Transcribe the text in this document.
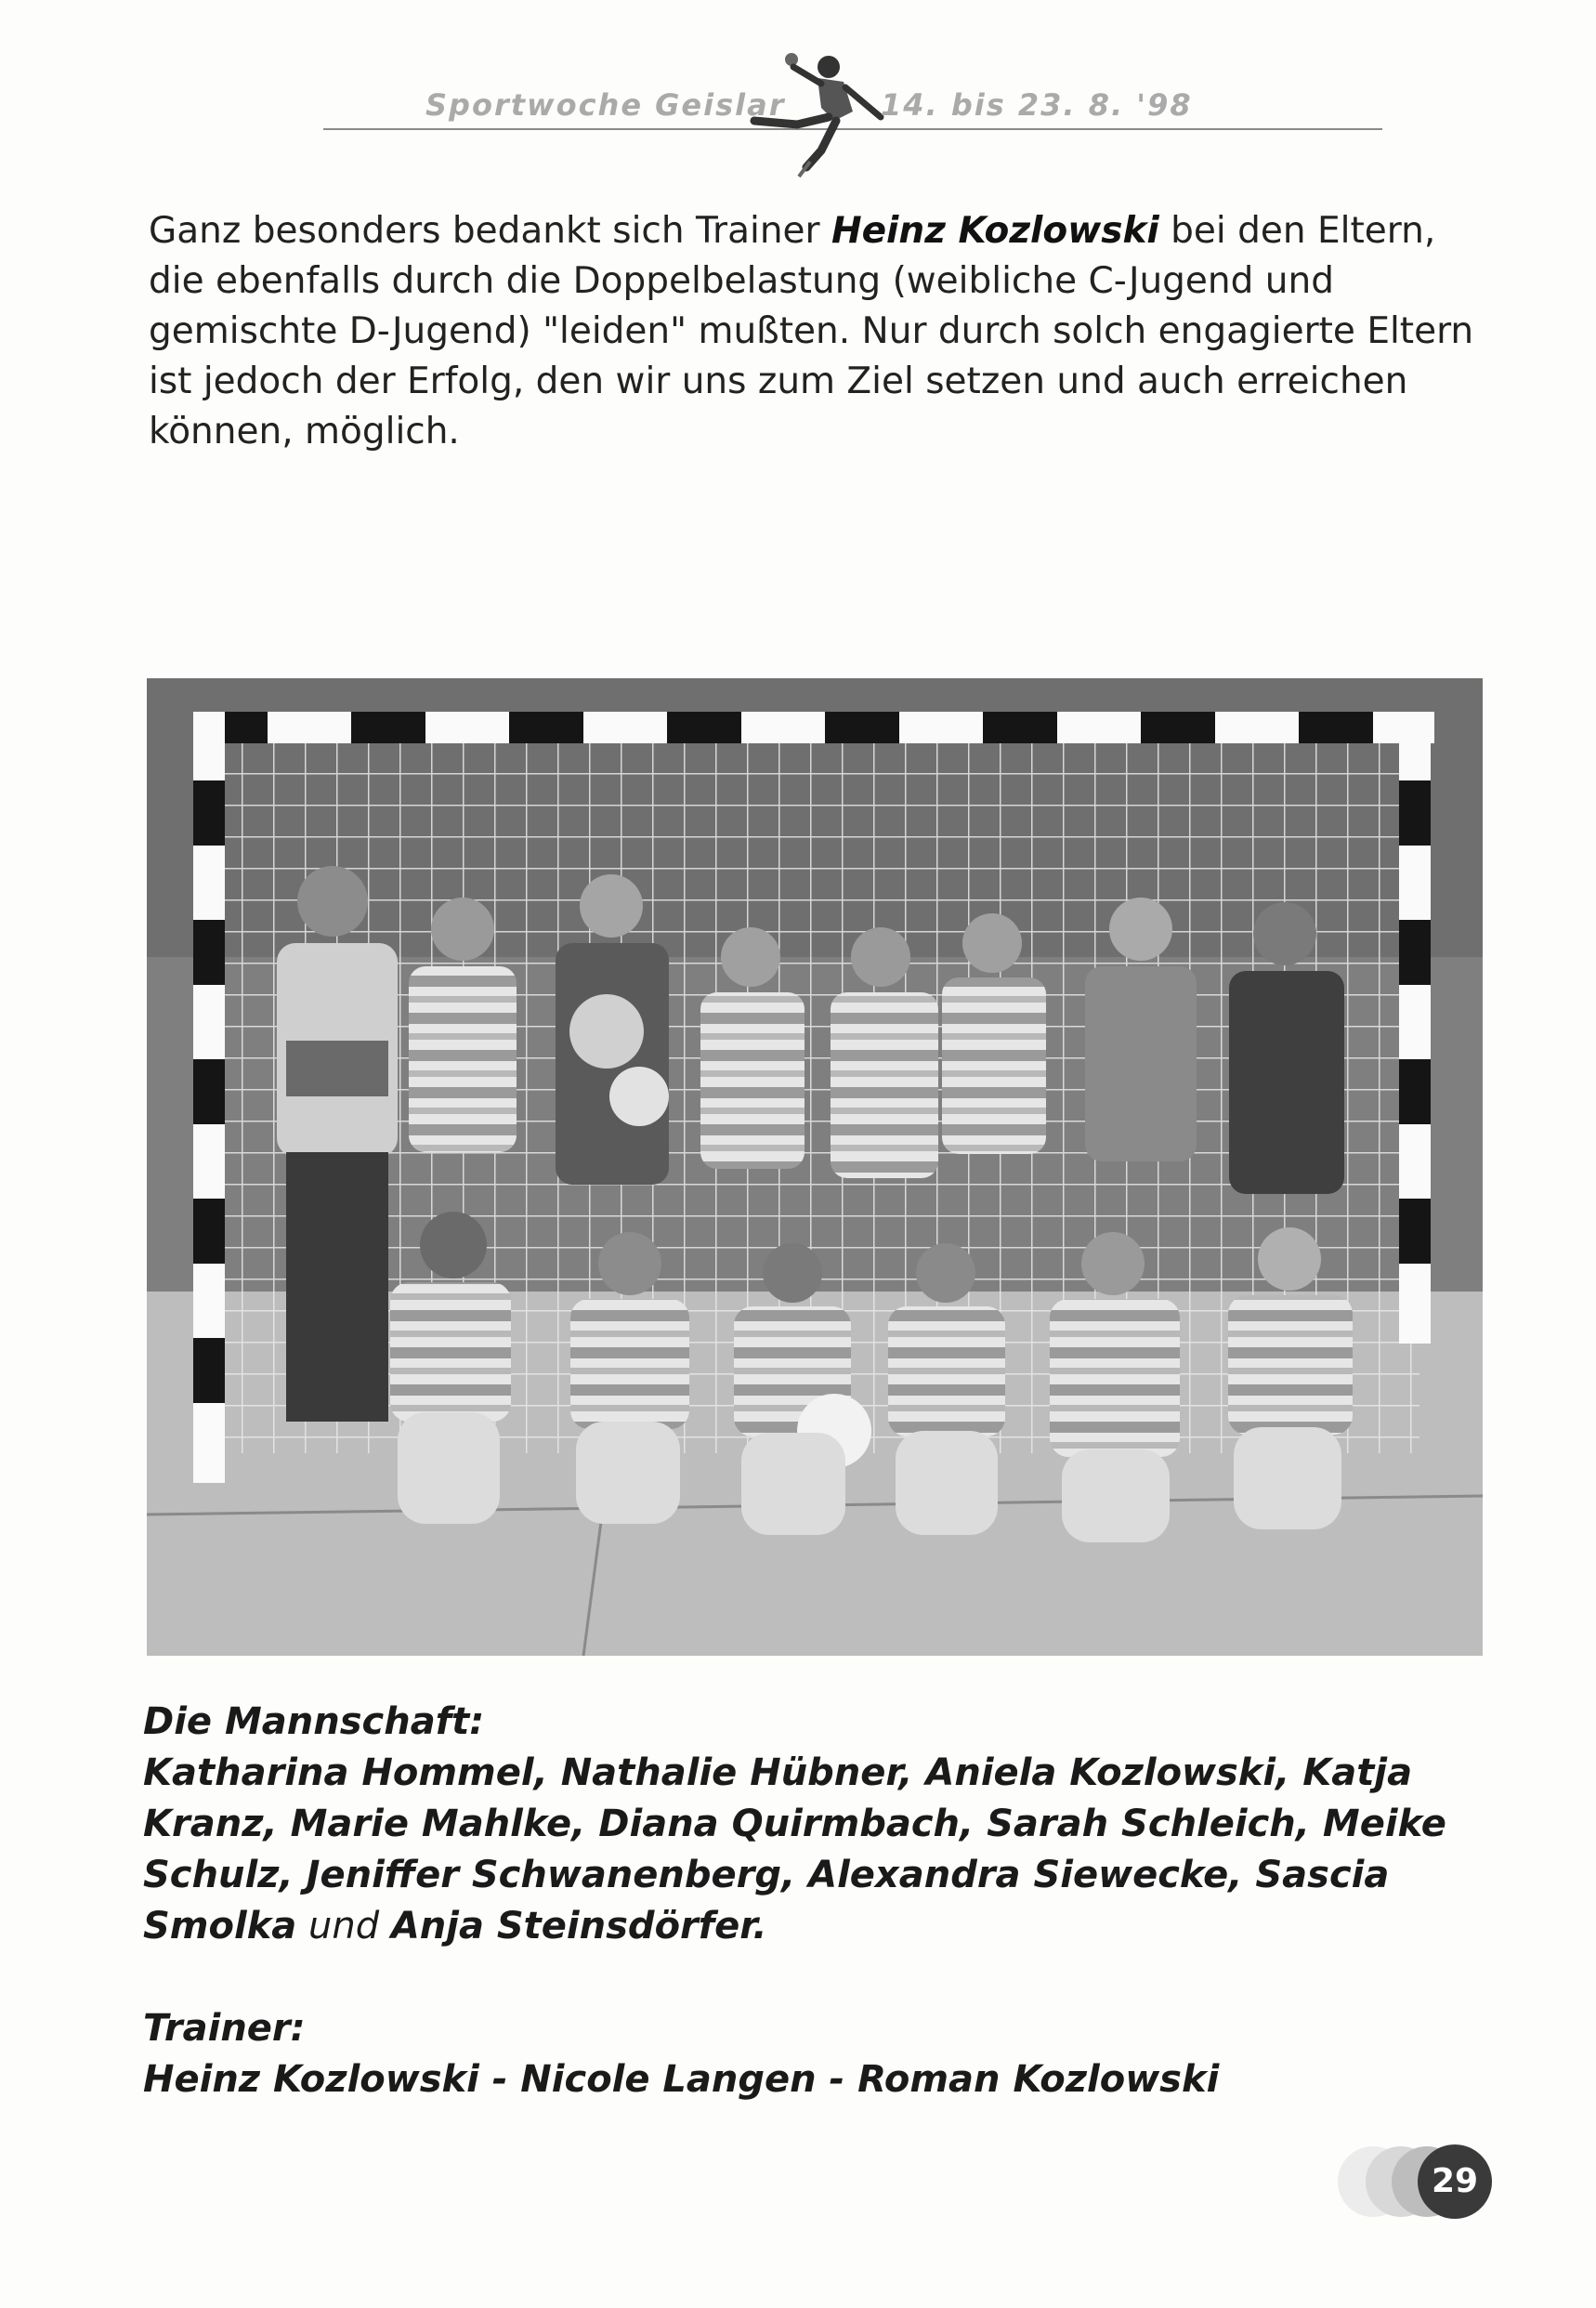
Sportwoche Geislar	14. bis 23. 8. '98

Ganz besonders bedankt sich Trainer Heinz Kozlowski bei den Eltern, die ebenfalls durch die Doppelbelastung (weibliche C-Jugend und gemischte D-Jugend) "leiden" mußten. Nur durch solch engagierte Eltern ist jedoch der Erfolg, den wir uns zum Ziel setzen und auch erreichen können, möglich.

Die Mannschaft:

Katharina Hommel, Nathalie Hübner, Aniela Kozlowski, Katja Kranz, Marie Mahlke, Diana Quirmbach, Sarah Schleich, Meike Schulz, Jeniffer Schwanenberg, Alexandra Siewecke, Sascia Smolka und Anja Steinsdörfer.

Trainer:

Heinz Kozlowski - Nicole Langen - Roman Kozlowski

29
